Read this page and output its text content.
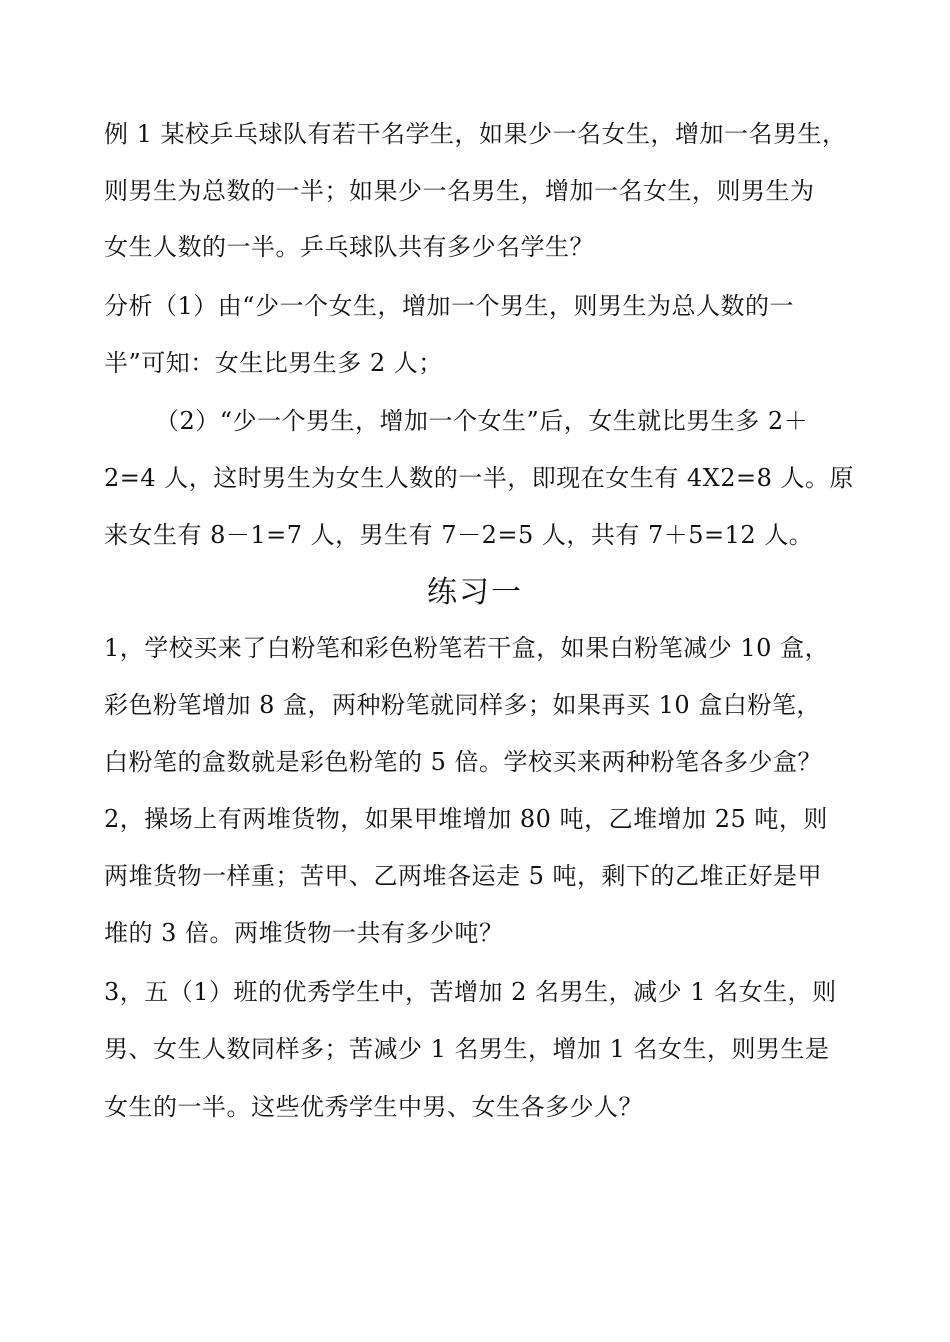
例 1 某校乒乓球队有若干名学生，如果少一名女生，增加一名男生，
则男生为总数的一半；如果少一名男生，增加一名女生，则男生为
女生人数的一半。乒乓球队共有多少名学生？
分析（1）由“少一个女生，增加一个男生，则男生为总人数的一
半”可知：女生比男生多 2 人；
（2）“少一个男生，增加一个女生”后，女生就比男生多 2＋
2=4 人，这时男生为女生人数的一半，即现在女生有 4X2=8 人。原
来女生有 8－1=7 人，男生有 7－2=5 人，共有 7＋5=12 人。
练习一
1，学校买来了白粉笔和彩色粉笔若干盒，如果白粉笔减少 10 盒，
彩色粉笔增加 8 盒，两种粉笔就同样多；如果再买 10 盒白粉笔，
白粉笔的盒数就是彩色粉笔的 5 倍。学校买来两种粉笔各多少盒？
2，操场上有两堆货物，如果甲堆增加 80 吨，乙堆增加 25 吨，则
两堆货物一样重；苦甲、乙两堆各运走 5 吨，剩下的乙堆正好是甲
堆的 3 倍。两堆货物一共有多少吨？
3，五（1）班的优秀学生中，苦增加 2 名男生，减少 1 名女生，则
男、女生人数同样多；苦减少 1 名男生，增加 1 名女生，则男生是
女生的一半。这些优秀学生中男、女生各多少人？
